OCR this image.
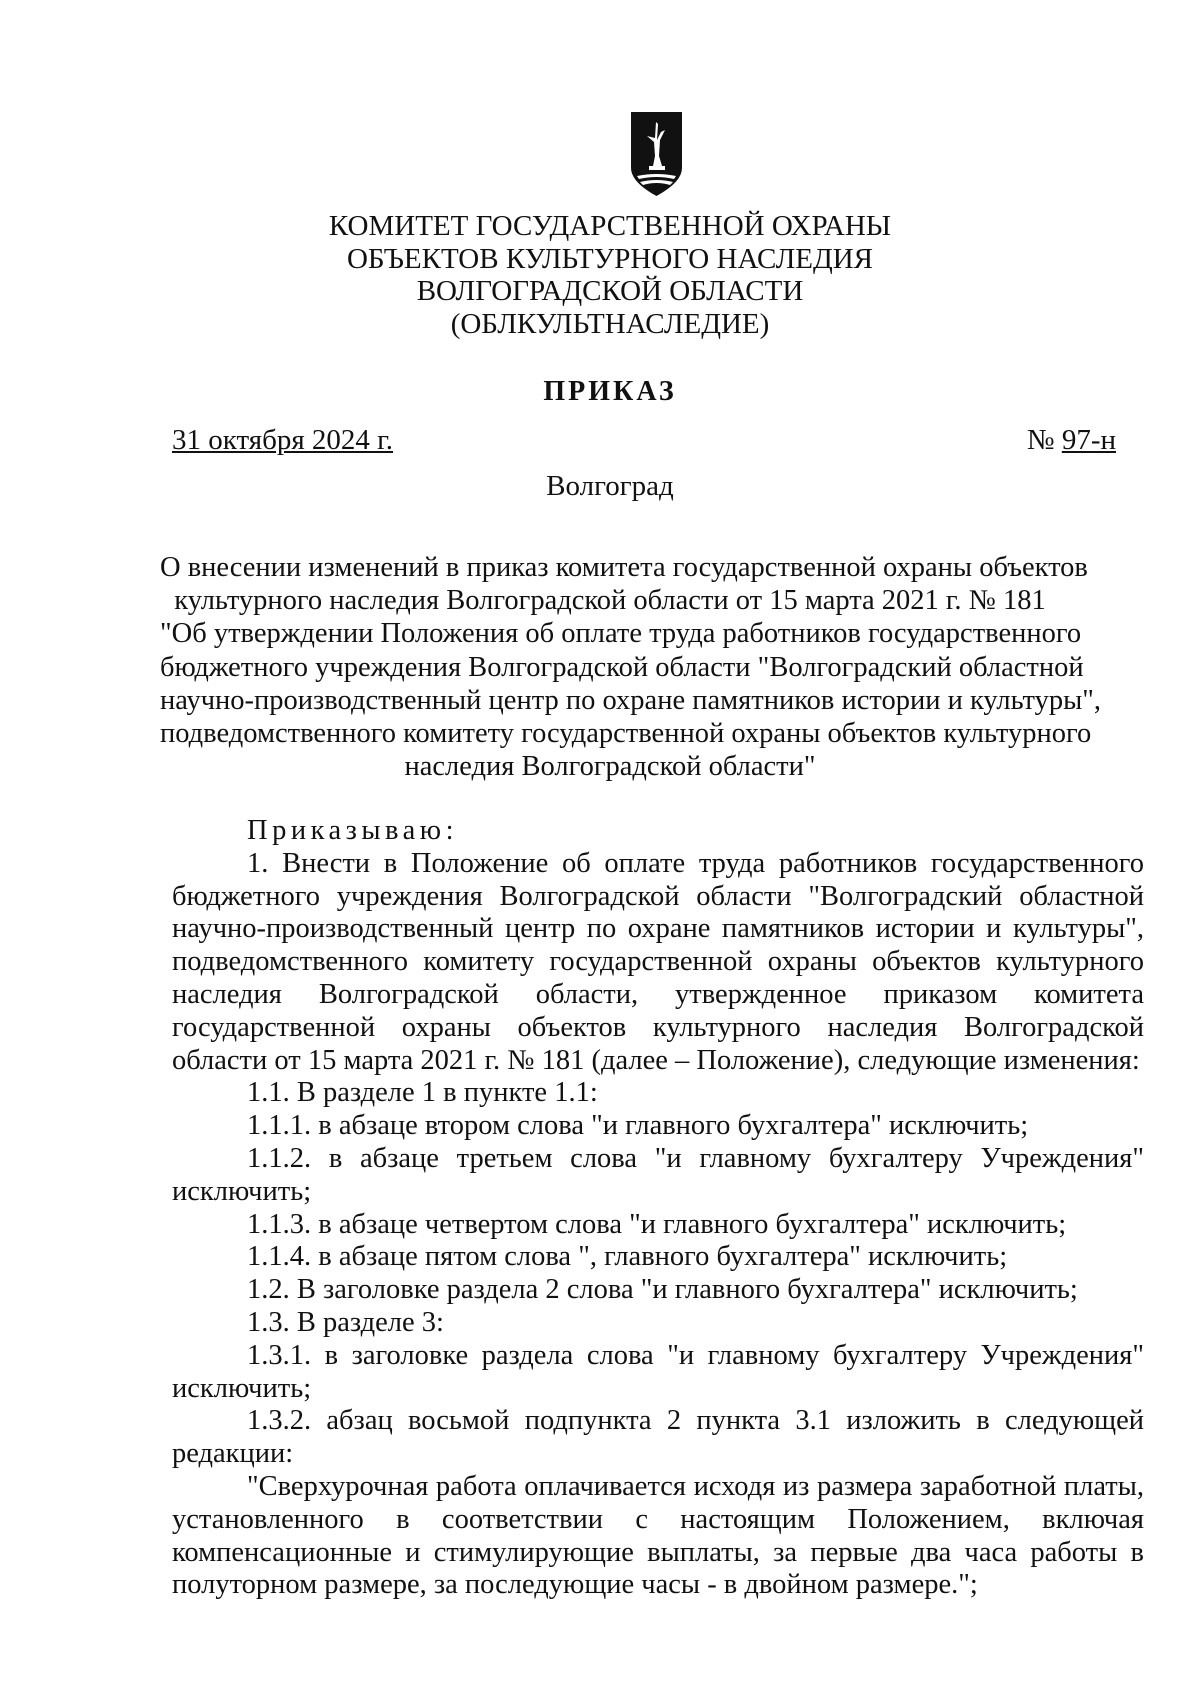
КОМИТЕТ ГОСУДАРСТВЕННОЙ ОХРАНЫ
ОБЪЕКТОВ КУЛЬТУРНОГО НАСЛЕДИЯ
ВОЛГОГРАДСКОЙ ОБЛАСТИ
(ОБЛКУЛЬТНАСЛЕДИЕ)
ПРИКАЗ
31 октября 2024 г.	№ 97-н
Волгоград
О внесении изменений в приказ комитета государственной охраны объектов
культурного наследия Волгоградской области от 15 марта 2021 г. № 181
"Об утверждении Положения об оплате труда работников государственного
бюджетного учреждения Волгоградской области "Волгоградский областной
научно-производственный центр по охране памятников истории и культуры",
подведомственного комитету государственной охраны объектов культурного
наследия Волгоградской области"

Приказываю:

1. Внести в Положение об оплате труда работников государственного бюджетного учреждения Волгоградской области "Волгоградский областной научно-производственный центр по охране памятников истории и культуры", подведомственного комитету государственной охраны объектов культурного наследия Волгоградской области, утвержденное приказом комитета государственной охраны объектов культурного наследия Волгоградской области от 15 марта 2021 г. № 181 (далее – Положение), следующие изменения:

1.1. В разделе 1 в пункте 1.1:

1.1.1. в абзаце втором слова "и главного бухгалтера" исключить;

1.1.2. в абзаце третьем слова "и главному бухгалтеру Учреждения" исключить;

1.1.3. в абзаце четвертом слова "и главного бухгалтера" исключить;

1.1.4. в абзаце пятом слова ", главного бухгалтера" исключить;

1.2. В заголовке раздела 2 слова "и главного бухгалтера" исключить;

1.3. В разделе 3:

1.3.1. в заголовке раздела слова "и главному бухгалтеру Учреждения" исключить;

1.3.2. абзац восьмой подпункта 2 пункта 3.1 изложить в следующей редакции:

"Сверхурочная работа оплачивается исходя из размера заработной платы, установленного в соответствии с настоящим Положением, включая компенсационные и стимулирующие выплаты, за первые два часа работы в полуторном размере, за последующие часы - в двойном размере.";
